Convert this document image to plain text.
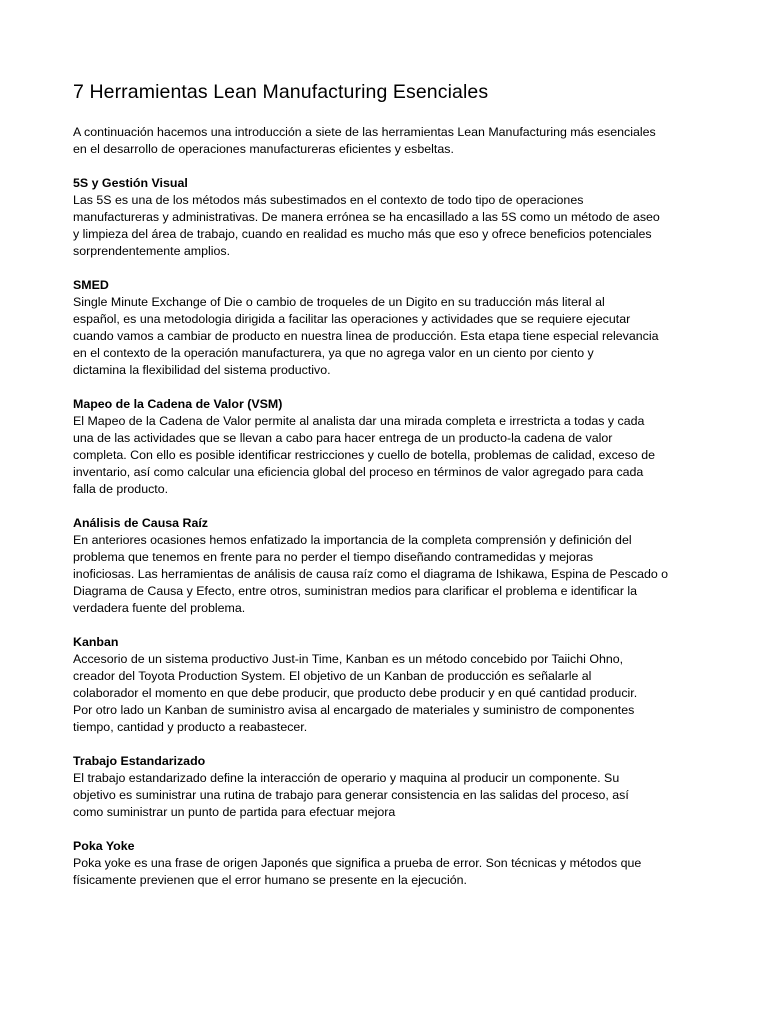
7 Herramientas Lean Manufacturing Esenciales

A continuación hacemos una introducción a siete de las herramientas Lean Manufacturing más esenciales
en el desarrollo de operaciones manufactureras eficientes y esbeltas.

5S y Gestión Visual

Las 5S es una de los métodos más subestimados en el contexto de todo tipo de operaciones
manufactureras y administrativas. De manera errónea se ha encasillado a las 5S como un método de aseo
y limpieza del área de trabajo, cuando en realidad es mucho más que eso y ofrece beneficios potenciales
sorprendentemente amplios.

SMED

Single Minute Exchange of Die o cambio de troqueles de un Digito en su traducción más literal al
español, es una metodologia dirigida a facilitar las operaciones y actividades que se requiere ejecutar
cuando vamos a cambiar de producto en nuestra linea de producción. Esta etapa tiene especial relevancia
en el contexto de la operación manufacturera, ya que no agrega valor en un ciento por ciento y
dictamina la flexibilidad del sistema productivo.

Mapeo de la Cadena de Valor (VSM)

El Mapeo de la Cadena de Valor permite al analista dar una mirada completa e irrestricta a todas y cada
una de las actividades que se llevan a cabo para hacer entrega de un producto-la cadena de valor
completa. Con ello es posible identificar restricciones y cuello de botella, problemas de calidad, exceso de
inventario, así como calcular una eficiencia global del proceso en términos de valor agregado para cada
falla de producto.

Análisis de Causa Raíz

En anteriores ocasiones hemos enfatizado la importancia de la completa comprensión y definición del
problema que tenemos en frente para no perder el tiempo diseñando contramedidas y mejoras
inoficiosas. Las herramientas de análisis de causa raíz como el diagrama de Ishikawa, Espina de Pescado o
Diagrama de Causa y Efecto, entre otros, suministran medios para clarificar el problema e identificar la
verdadera fuente del problema.

Kanban

Accesorio de un sistema productivo Just-in Time, Kanban es un método concebido por Taiichi Ohno,
creador del Toyota Production System. El objetivo de un Kanban de producción es señalarle al
colaborador el momento en que debe producir, que producto debe producir y en qué cantidad producir.
Por otro lado un Kanban de suministro avisa al encargado de materiales y suministro de componentes
tiempo, cantidad y producto a reabastecer.

Trabajo Estandarizado

El trabajo estandarizado define la interacción de operario y maquina al producir un componente. Su
objetivo es suministrar una rutina de trabajo para generar consistencia en las salidas del proceso, así
como suministrar un punto de partida para efectuar mejora

Poka Yoke

Poka yoke es una frase de origen Japonés que significa a prueba de error. Son técnicas y métodos que
físicamente previenen que el error humano se presente en la ejecución.
